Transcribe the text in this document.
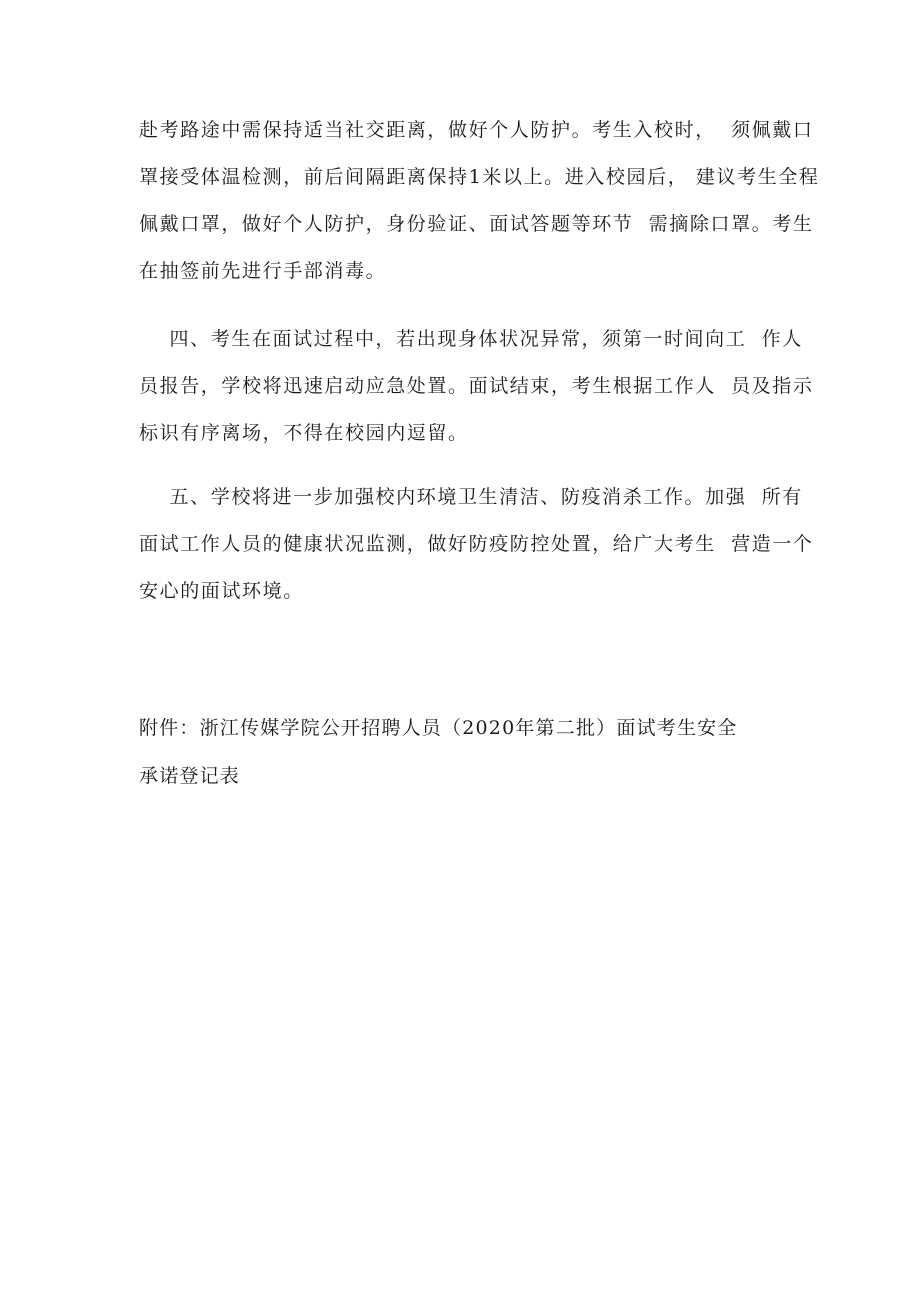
赴考路途中需保持适当社交距离，做好个人防护。考生入校时，  须佩戴口
罩接受体温检测，前后间隔距离保持1米以上。进入校园后， 建议考生全程
佩戴口罩，做好个人防护，身份验证、面试答题等环节  需摘除口罩。考生
在抽签前先进行手部消毒。
四、考生在面试过程中，若出现身体状况异常，须第一时间向工  作人
员报告，学校将迅速启动应急处置。面试结束，考生根据工作人  员及指示
标识有序离场，不得在校园内逗留。
五、学校将进一步加强校内环境卫生清洁、防疫消杀工作。加强  所有
面试工作人员的健康状况监测，做好防疫防控处置，给广大考生  营造一个
安心的面试环境。
附件：浙江传媒学院公开招聘人员（2020年第二批）面试考生安全
承诺登记表
